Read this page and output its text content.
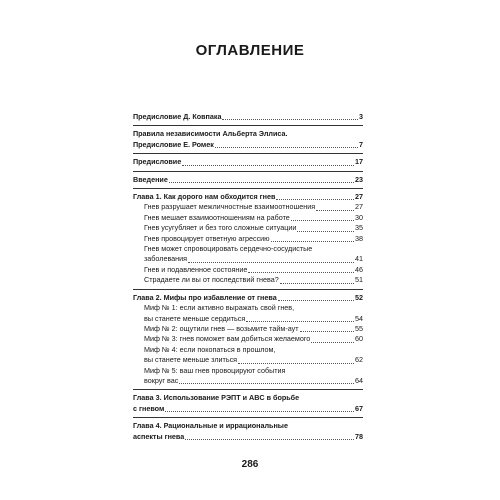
ОГЛАВЛЕНИЕ
Предисловие Д. Ковпака	3
Правила независимости Альберта Эллиса.
Предисловие Е. Ромек	7
Предисловие	17
Введение	23
Глава 1. Как дорого нам обходится гнев	27
Гнев разрушает межличностные взаимоотношения	27
Гнев мешает взаимоотношениям на работе	30
Гнев усугубляет и без того сложные ситуации	35
Гнев провоцирует ответную агрессию	38
Гнев может спровоцировать сердечно-сосудистые
заболевания	41
Гнев и подавленное состояние	46
Страдаете ли вы от последствий гнева?	51
Глава 2. Мифы про избавление от гнева	52
Миф № 1: если активно выражать свой гнев,
вы станете меньше сердиться	54
Миф № 2: ощутили гнев — возьмите тайм-аут	55
Миф № 3: гнев поможет вам добиться желаемого	60
Миф № 4: если покопаться в прошлом,
вы станете меньше злиться	62
Миф № 5: ваш гнев провоцируют события
вокруг вас	64
Глава 3. Использование РЭПТ и ABC в борьбе
с гневом	67
Глава 4. Рациональные и иррациональные
аспекты гнева	78
286
